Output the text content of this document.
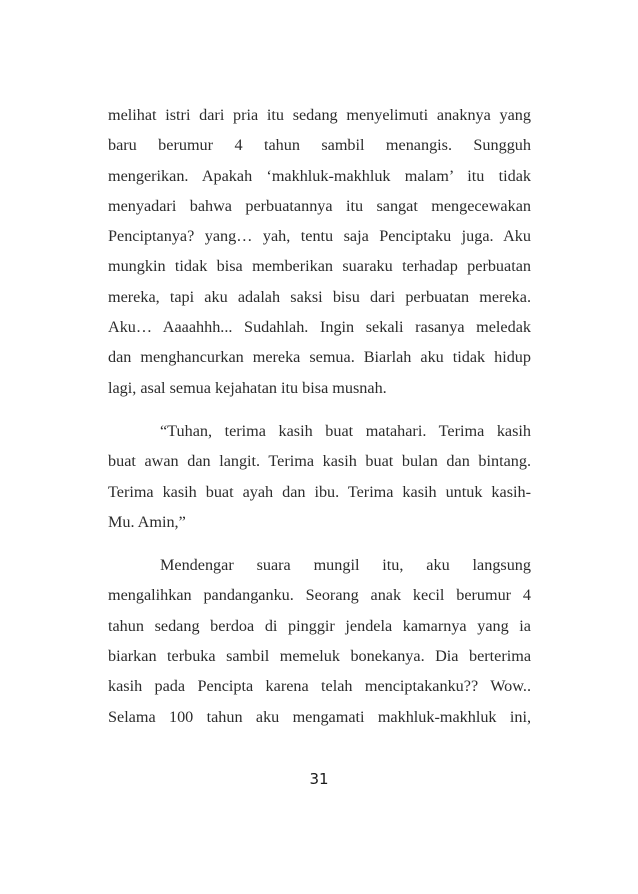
melihat istri dari pria itu sedang menyelimuti anaknya yang
baru berumur 4 tahun sambil menangis. Sungguh
mengerikan. Apakah ‘makhluk-makhluk malam’ itu tidak
menyadari bahwa perbuatannya itu sangat mengecewakan
Penciptanya? yang… yah, tentu saja Penciptaku juga. Aku
mungkin tidak bisa memberikan suaraku terhadap perbuatan
mereka, tapi aku adalah saksi bisu dari perbuatan mereka.
Aku… Aaaahhh... Sudahlah. Ingin sekali rasanya meledak
dan menghancurkan mereka semua. Biarlah aku tidak hidup
lagi, asal semua kejahatan itu bisa musnah.
“Tuhan, terima kasih buat matahari. Terima kasih
buat awan dan langit. Terima kasih buat bulan dan bintang.
Terima kasih buat ayah dan ibu. Terima kasih untuk kasih-
Mu. Amin,”
Mendengar suara mungil itu, aku langsung
mengalihkan pandanganku. Seorang anak kecil berumur 4
tahun sedang berdoa di pinggir jendela kamarnya yang ia
biarkan terbuka sambil memeluk bonekanya. Dia berterima
kasih pada Pencipta karena telah menciptakanku?? Wow..
Selama 100 tahun aku mengamati makhluk-makhluk ini,
31
